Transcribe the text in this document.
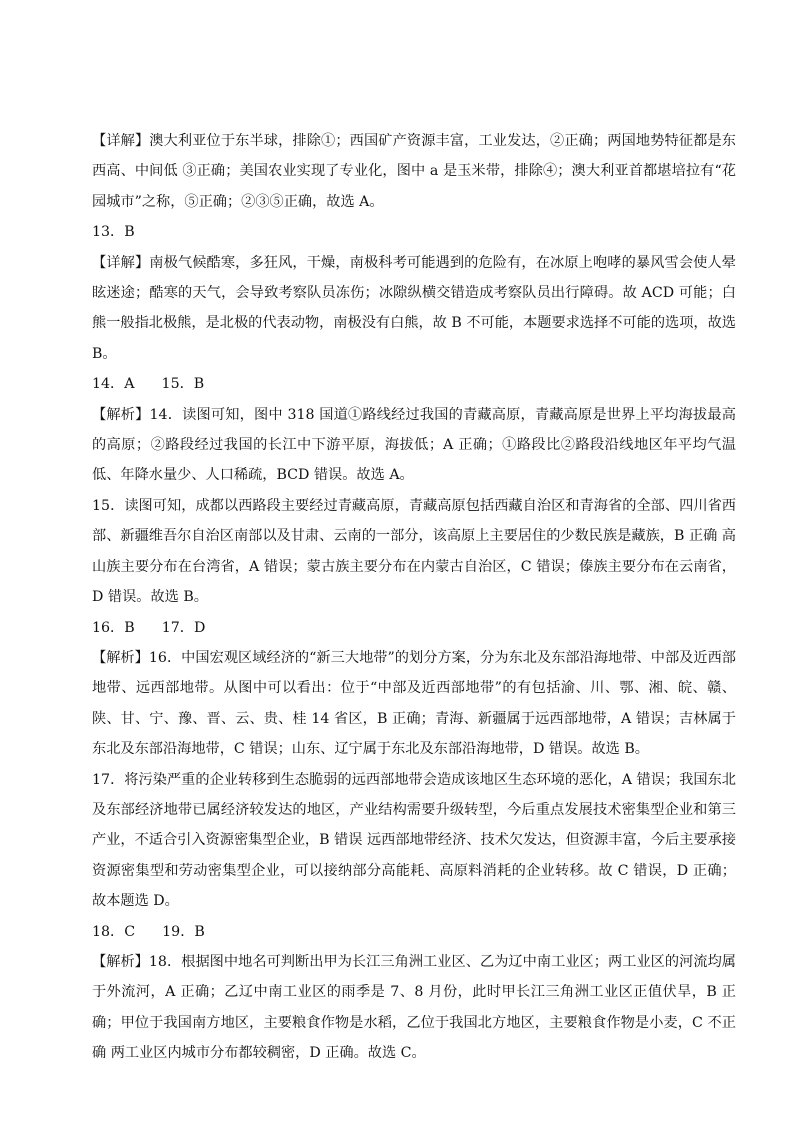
【详解】澳大利亚位于东半球，排除①；西国矿产资源丰富，工业发达，②正确；两国地势特征都是东西高、中间低 ③正确；美国农业实现了专业化，图中 a 是玉米带，排除④；澳大利亚首都堪培拉有“花园城市”之称，⑤正确；②③⑤正确，故选 A。

13．B

【详解】南极气候酷寒，多狂风，干燥，南极科考可能遇到的危险有，在冰原上咆哮的暴风雪会使人晕眩迷途；酷寒的天气，会导致考察队员冻伤；冰隙纵横交错造成考察队员出行障碍。故 ACD 可能；白熊一般指北极熊，是北极的代表动物，南极没有白熊，故 B 不可能，本题要求选择不可能的选项，故选 B。

14．A      15．B

【解析】14．读图可知，图中 318 国道①路线经过我国的青藏高原，青藏高原是世界上平均海拔最高的高原；②路段经过我国的长江中下游平原，海拔低；A 正确；①路段比②路段沿线地区年平均气温低、年降水量少、人口稀疏，BCD 错误。故选 A。

15．读图可知，成都以西路段主要经过青藏高原，青藏高原包括西藏自治区和青海省的全部、四川省西部、新疆维吾尔自治区南部以及甘肃、云南的一部分，该高原上主要居住的少数民族是藏族，B 正确 高山族主要分布在台湾省，A 错误；蒙古族主要分布在内蒙古自治区，C 错误；傣族主要分布在云南省，D 错误。故选 B。

16．B      17．D

【解析】16．中国宏观区域经济的“新三大地带”的划分方案，分为东北及东部沿海地带、中部及近西部地带、远西部地带。从图中可以看出：位于“中部及近西部地带”的有包括渝、川、鄂、湘、皖、赣、陕、甘、宁、豫、晋、云、贵、桂 14 省区，B 正确；青海、新疆属于远西部地带，A 错误；吉林属于东北及东部沿海地带，C 错误；山东、辽宁属于东北及东部沿海地带，D 错误。故选 B。

17．将污染严重的企业转移到生态脆弱的远西部地带会造成该地区生态环境的恶化，A 错误；我国东北及东部经济地带已属经济较发达的地区，产业结构需要升级转型，今后重点发展技术密集型企业和第三产业，不适合引入资源密集型企业，B 错误 远西部地带经济、技术欠发达，但资源丰富，今后主要承接资源密集型和劳动密集型企业，可以接纳部分高能耗、高原料消耗的企业转移。故 C 错误，D 正确；故本题选 D。

18．C      19．B

【解析】18．根据图中地名可判断出甲为长江三角洲工业区、乙为辽中南工业区；两工业区的河流均属于外流河，A 正确；乙辽中南工业区的雨季是 7、8 月份，此时甲长江三角洲工业区正值伏旱，B 正确；甲位于我国南方地区，主要粮食作物是水稻，乙位于我国北方地区，主要粮食作物是小麦，C 不正确 两工业区内城市分布都较稠密，D 正确。故选 C。
